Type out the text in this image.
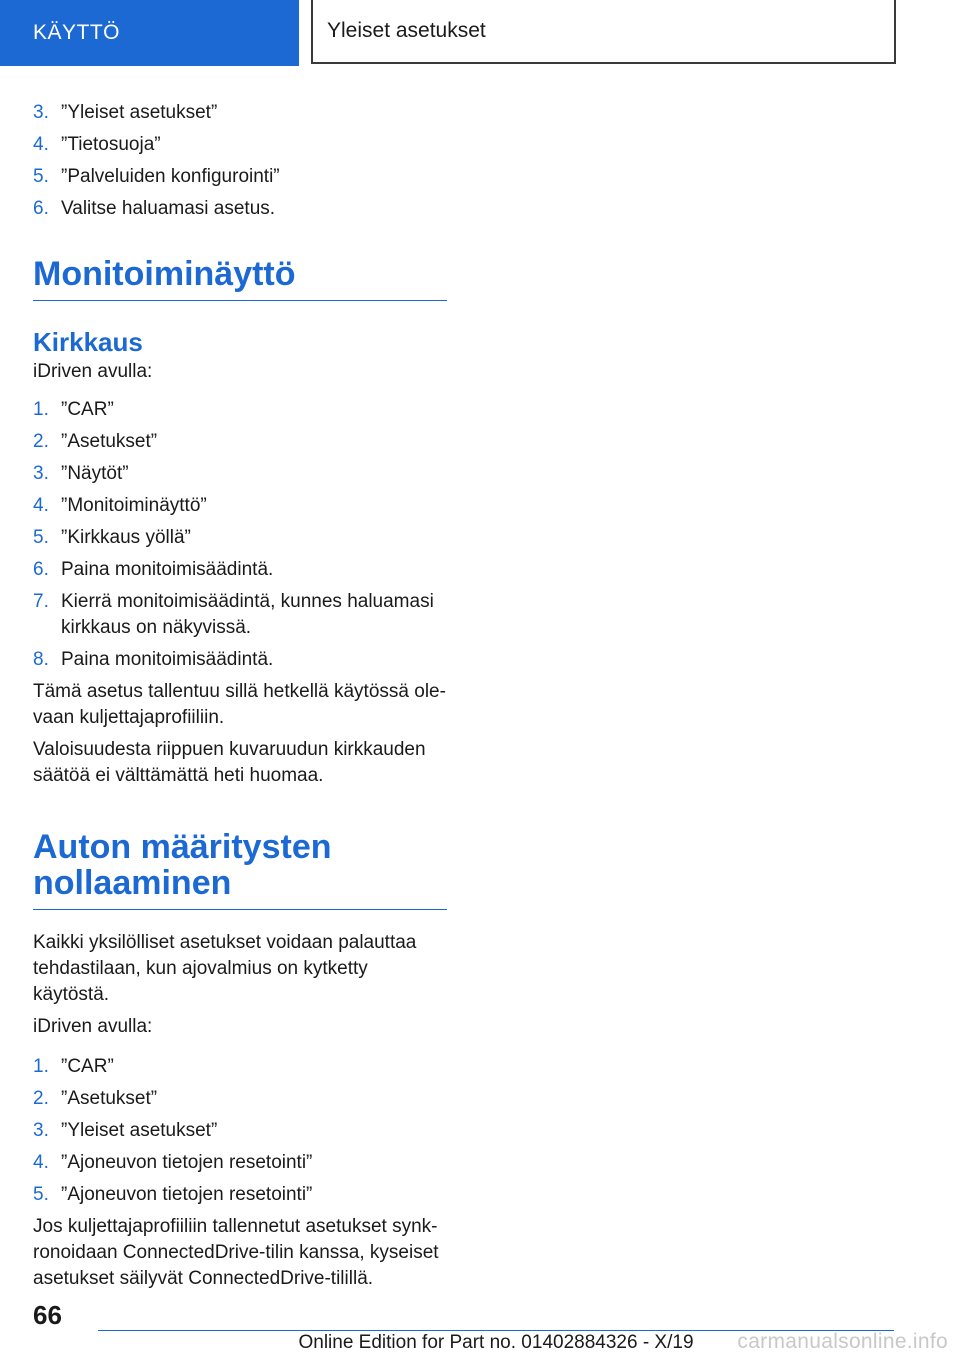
KÄYTTÖ	Yleiset asetukset
3. ”Yleiset asetukset”
4. ”Tietosuoja”
5. ”Palveluiden konfigurointi”
6. Valitse haluamasi asetus.
Monitoiminäyttö
Kirkkaus

iDriven avulla:

1. ”CAR”
2. ”Asetukset”
3. ”Näytöt”
4. ”Monitoiminäyttö”
5. ”Kirkkaus yöllä”
6. Paina monitoimisäädintä.
7. Kierrä monitoimisäädintä, kunnes haluamasi kirkkaus on näkyvissä.
8. Paina monitoimisäädintä.

Tämä asetus tallentuu sillä hetkellä käytössä olevaan kuljettajaprofiiliin.

Valoisuudesta riippuen kuvaruudun kirkkauden säätöä ei välttämättä heti huomaa.

Auton määritysten nollaaminen

Kaikki yksilölliset asetukset voidaan palauttaa tehdastilaan, kun ajovalmius on kytketty käytöstä.

iDriven avulla:

1. ”CAR”
2. ”Asetukset”
3. ”Yleiset asetukset”
4. ”Ajoneuvon tietojen resetointi”
5. ”Ajoneuvon tietojen resetointi”

Jos kuljettajaprofiiliin tallennetut asetukset synkronoidaan ConnectedDrive-tilin kanssa, kyseiset asetukset säilyvät ConnectedDrive-tilillä.

66
Online Edition for Part no. 01402884326 - X/19	carmanualsonline.info
